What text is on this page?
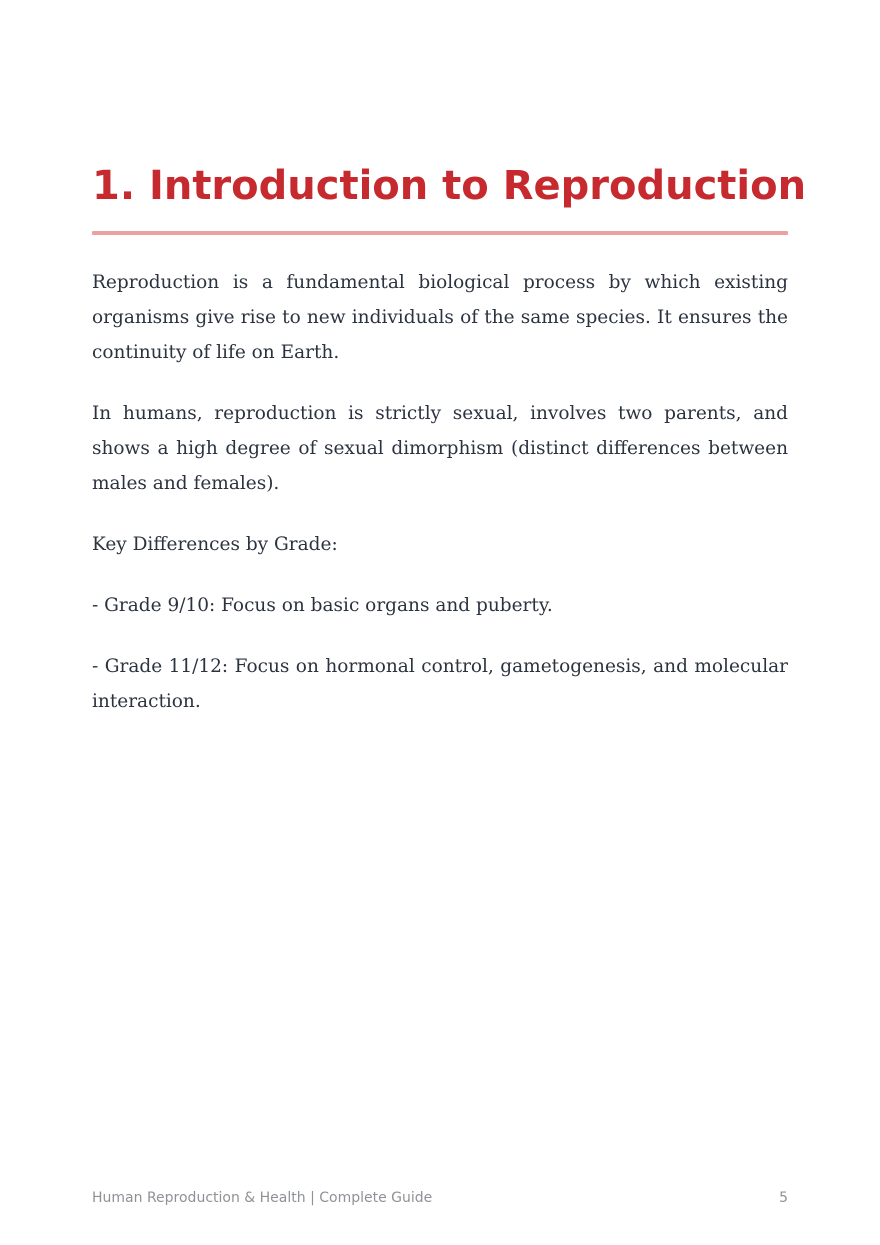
1. Introduction to Reproduction

Reproduction is a fundamental biological process by which existing organisms give rise to new individuals of the same species. It ensures the continuity of life on Earth.

In humans, reproduction is strictly sexual, involves two parents, and shows a high degree of sexual dimorphism (distinct differences between males and females).

Key Differences by Grade:

- Grade 9/10: Focus on basic organs and puberty.

- Grade 11/12: Focus on hormonal control, gametogenesis, and molecular interaction.

Human Reproduction & Health | Complete Guide	5
